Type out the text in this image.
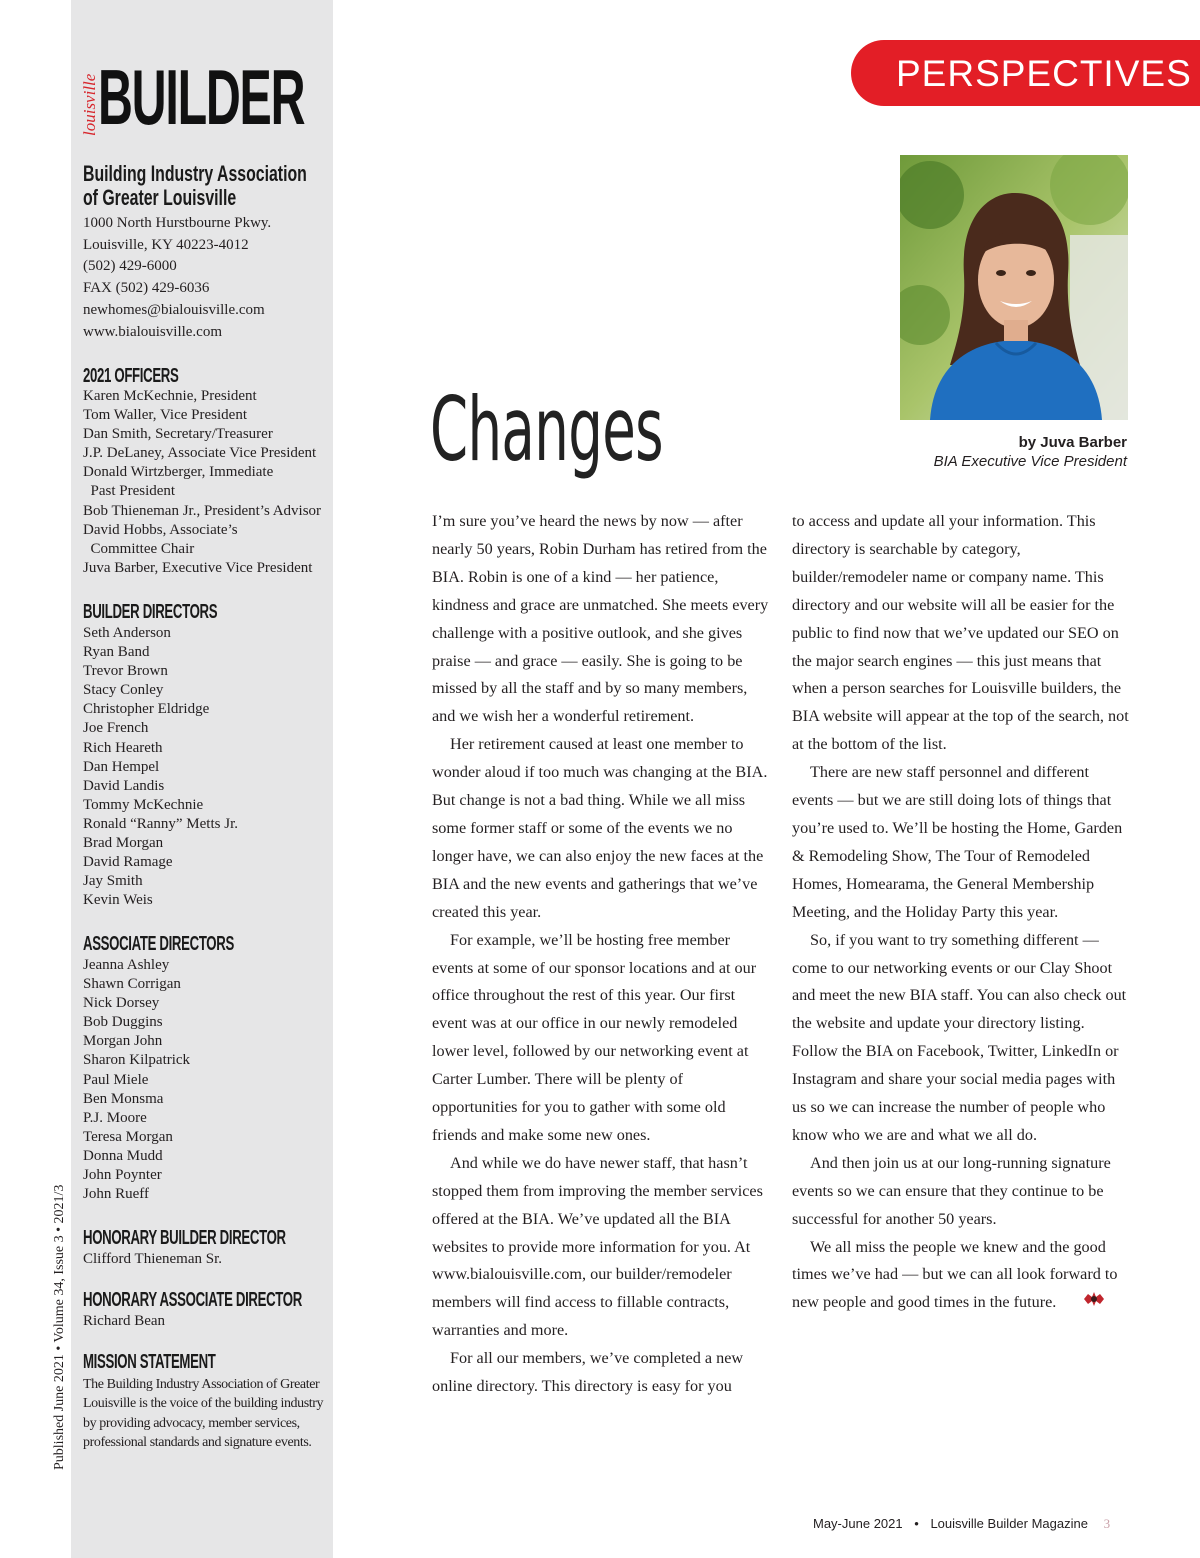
louisville BUILDER
Building Industry Association
of Greater Louisville
1000 North Hurstbourne Pkwy.
Louisville, KY 40223-4012
(502) 429-6000
FAX (502) 429-6036
newhomes@bialouisville.com
www.bialouisville.com
2021 OFFICERS
Karen McKechnie, President
Tom Waller, Vice President
Dan Smith, Secretary/Treasurer
J.P. DeLaney, Associate Vice President
Donald Wirtzberger, Immediate
Past President
Bob Thieneman Jr., President’s Advisor
David Hobbs, Associate’s
Committee Chair
Juva Barber, Executive Vice President
BUILDER DIRECTORS
Seth Anderson
Ryan Band
Trevor Brown
Stacy Conley
Christopher Eldridge
Joe French
Rich Heareth
Dan Hempel
David Landis
Tommy McKechnie
Ronald “Ranny” Metts Jr.
Brad Morgan
David Ramage
Jay Smith
Kevin Weis
ASSOCIATE DIRECTORS
Jeanna Ashley
Shawn Corrigan
Nick Dorsey
Bob Duggins
Morgan John
Sharon Kilpatrick
Paul Miele
Ben Monsma
P.J. Moore
Teresa Morgan
Donna Mudd
John Poynter
John Rueff
HONORARY BUILDER DIRECTOR
Clifford Thieneman Sr.
HONORARY ASSOCIATE DIRECTOR
Richard Bean
MISSION STATEMENT
The Building Industry Association of Greater Louisville is the voice of the building industry by providing advocacy, member services, professional standards and signature events.
Published June 2021 • Volume 34, Issue 3 • 2021/3
PERSPECTIVES
Changes	by Juva Barber
BIA Executive Vice President

I’m sure you’ve heard the news by now — after nearly 50 years, Robin Durham has retired from the BIA. Robin is one of a kind — her patience, kindness and grace are unmatched. She meets every challenge with a positive outlook, and she gives praise — and grace — easily. She is going to be missed by all the staff and by so many members, and we wish her a wonderful retirement.

Her retirement caused at least one member to wonder aloud if too much was changing at the BIA. But change is not a bad thing. While we all miss some former staff or some of the events we no longer have, we can also enjoy the new faces at the BIA and the new events and gatherings that we’ve created this year.

For example, we’ll be hosting free member events at some of our sponsor locations and at our office throughout the rest of this year. Our first event was at our office in our newly remodeled lower level, followed by our networking event at Carter Lumber. There will be plenty of opportunities for you to gather with some old friends and make some new ones.

And while we do have newer staff, that hasn’t stopped them from improving the member services offered at the BIA. We’ve updated all the BIA websites to provide more information for you. At www.bialouisville.com, our builder/remodeler members will find access to fillable contracts, warranties and more.

For all our members, we’ve completed a new online directory. This directory is easy for you

to access and update all your information. This directory is searchable by category, builder/remodeler name or company name. This directory and our website will all be easier for the public to find now that we’ve updated our SEO on the major search engines — this just means that when a person searches for Louisville builders, the BIA website will appear at the top of the search, not at the bottom of the list.

There are new staff personnel and different events — but we are still doing lots of things that you’re used to. We’ll be hosting the Home, Garden & Remodeling Show, The Tour of Remodeled Homes, Homearama, the General Membership Meeting, and the Holiday Party this year.

So, if you want to try something different — come to our networking events or our Clay Shoot and meet the new BIA staff. You can also check out the website and update your directory listing. Follow the BIA on Facebook, Twitter, LinkedIn or Instagram and share your social media pages with us so we can increase the number of people who know who we are and what we all do.

And then join us at our long-running signature events so we can ensure that they continue to be successful for another 50 years.

We all miss the people we knew and the good times we’ve had — but we can all look forward to new people and good times in the future.

May-June 2021 • Louisville Builder Magazine 3
